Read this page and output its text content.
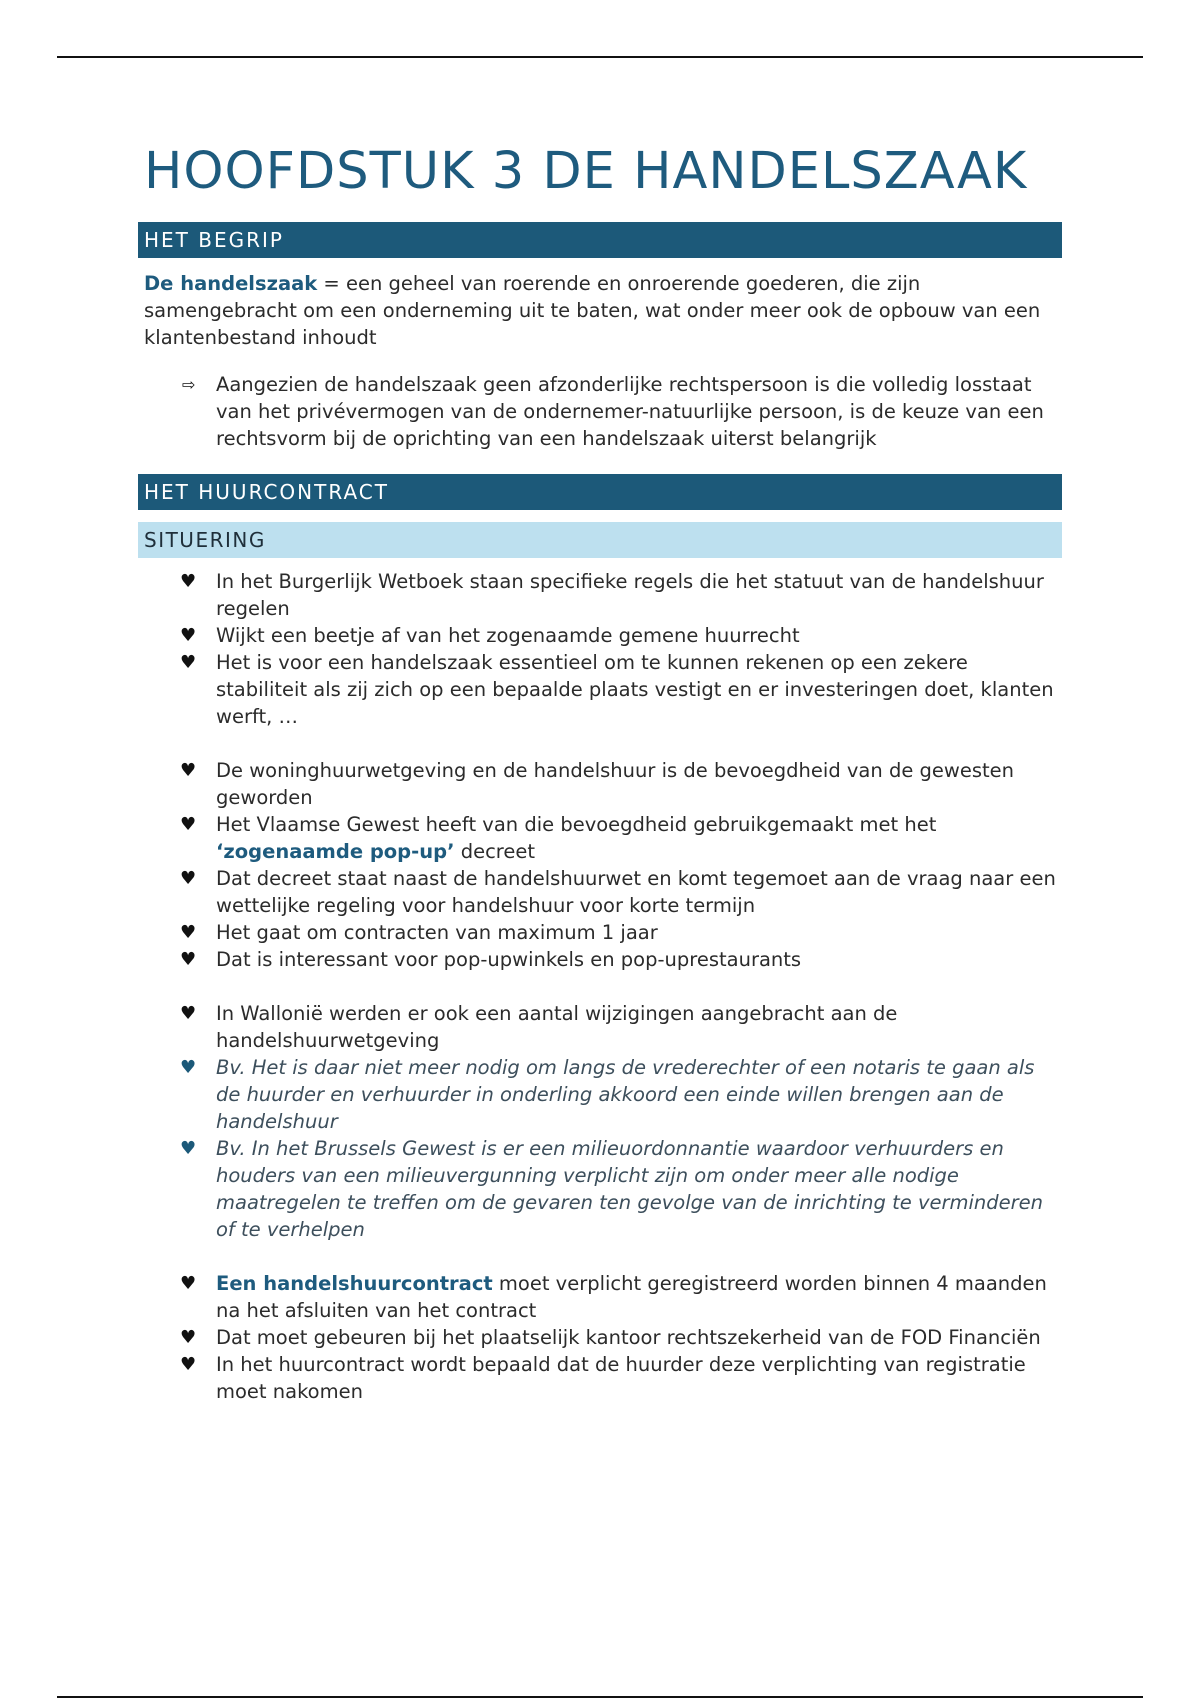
HOOFDSTUK 3 DE HANDELSZAAK
HET BEGRIP

De handelszaak = een geheel van roerende en onroerende goederen, die zijn samengebracht om een onderneming uit te baten, wat onder meer ook de opbouw van een klantenbestand inhoudt

⇨	Aangezien de handelszaak geen afzonderlijke rechtspersoon is die volledig losstaat van het privévermogen van de ondernemer-natuurlijke persoon, is de keuze van een rechtsvorm bij de oprichting van een handelszaak uiterst belangrijk
HET HUURCONTRACT
SITUERING
♥ In het Burgerlijk Wetboek staan specifieke regels die het statuut van de handelshuur regelen
♥ Wijkt een beetje af van het zogenaamde gemene huurrecht
♥ Het is voor een handelszaak essentieel om te kunnen rekenen op een zekere stabiliteit als zij zich op een bepaalde plaats vestigt en er investeringen doet, klanten werft, …
♥ De woninghuurwetgeving en de handelshuur is de bevoegdheid van de gewesten geworden
♥ Het Vlaamse Gewest heeft van die bevoegdheid gebruikgemaakt met het ‘zogenaamde pop-up’ decreet
♥ Dat decreet staat naast de handelshuurwet en komt tegemoet aan de vraag naar een wettelijke regeling voor handelshuur voor korte termijn
♥ Het gaat om contracten van maximum 1 jaar
♥ Dat is interessant voor pop-upwinkels en pop-uprestaurants
♥ In Wallonië werden er ook een aantal wijzigingen aangebracht aan de handelshuurwetgeving
♥ Bv. Het is daar niet meer nodig om langs de vrederechter of een notaris te gaan als de huurder en verhuurder in onderling akkoord een einde willen brengen aan de handelshuur
♥ Bv. In het Brussels Gewest is er een milieuordonnantie waardoor verhuurders en houders van een milieuvergunning verplicht zijn om onder meer alle nodige maatregelen te treffen om de gevaren ten gevolge van de inrichting te verminderen of te verhelpen
♥ Een handelshuurcontract moet verplicht geregistreerd worden binnen 4 maanden na het afsluiten van het contract
♥ Dat moet gebeuren bij het plaatselijk kantoor rechtszekerheid van de FOD Financiën
♥ In het huurcontract wordt bepaald dat de huurder deze verplichting van registratie moet nakomen
